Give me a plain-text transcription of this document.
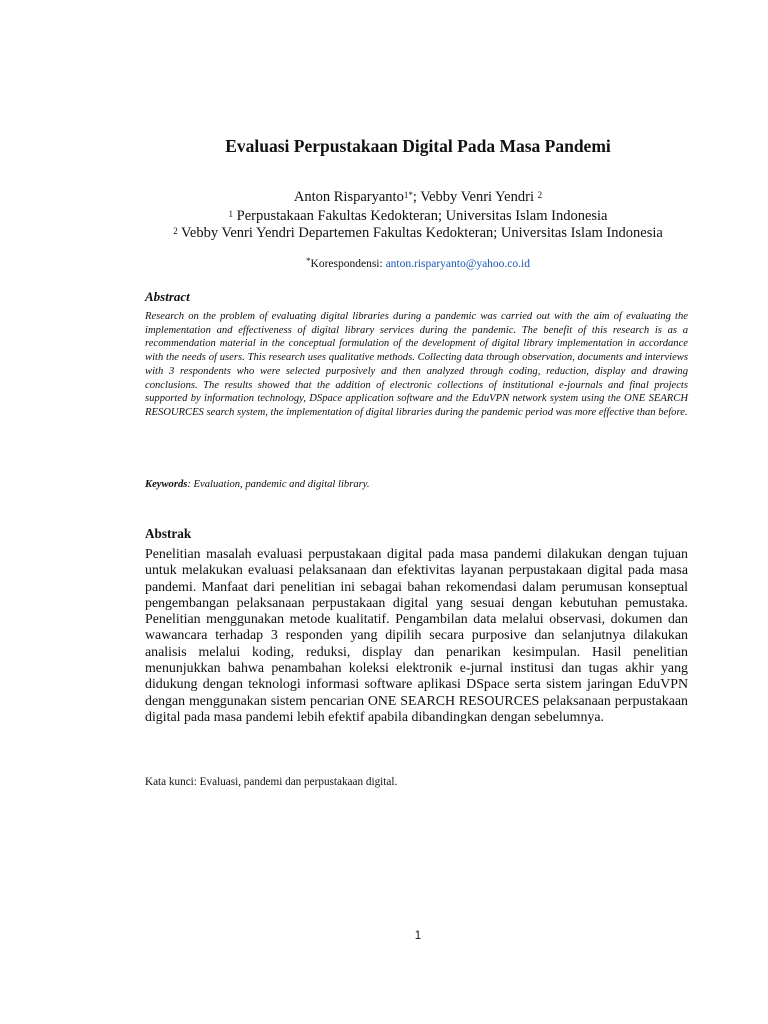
Evaluasi Perpustakaan Digital Pada Masa Pandemi
Anton Risparyanto$^{1*}$; Vebby Venri Yendri $^2$
$^1$ Perpustakaan Fakultas Kedokteran; Universitas Islam Indonesia
$^2$ Vebby Venri Yendri Departemen Fakultas Kedokteran; Universitas Islam Indonesia
*Korespondensi: anton.risparyanto@yahoo.co.id
Abstract

Research on the problem of evaluating digital libraries during a pandemic was carried out with the aim of evaluating the implementation and effectiveness of digital library services during the pandemic. The benefit of this research is as a recommendation material in the conceptual formulation of the development of digital library implementation in accordance with the needs of users. This research uses qualitative methods. Collecting data through observation, documents and interviews with 3 respondents who were selected purposively and then analyzed through coding, reduction, display and drawing conclusions. The results showed that the addition of electronic collections of institutional e-journals and final projects supported by information technology, DSpace application software and the EduVPN network system using the ONE SEARCH RESOURCES search system, the implementation of digital libraries during the pandemic period was more effective than before.

Keywords: Evaluation, pandemic and digital library.

Abstrak

Penelitian masalah evaluasi perpustakaan digital pada masa pandemi dilakukan dengan tujuan untuk melakukan evaluasi pelaksanaan dan efektivitas layanan perpustakaan digital pada masa pandemi. Manfaat dari penelitian ini sebagai bahan rekomendasi dalam perumusan konseptual pengembangan pelaksanaan perpustakaan digital yang sesuai dengan kebutuhan pemustaka. Penelitian menggunakan metode kualitatif. Pengambilan data melalui observasi, dokumen dan wawancara terhadap 3 responden yang dipilih secara purposive dan selanjutnya dilakukan analisis melalui koding, reduksi, display dan penarikan kesimpulan. Hasil penelitian menunjukkan bahwa penambahan koleksi elektronik e-jurnal institusi dan tugas akhir yang didukung dengan teknologi informasi software aplikasi DSpace serta sistem jaringan EduVPN dengan menggunakan sistem pencarian ONE SEARCH RESOURCES pelaksanaan perpustakaan digital pada masa pandemi lebih efektif apabila dibandingkan dengan sebelumnya.

Kata kunci: Evaluasi, pandemi dan perpustakaan digital.

1
